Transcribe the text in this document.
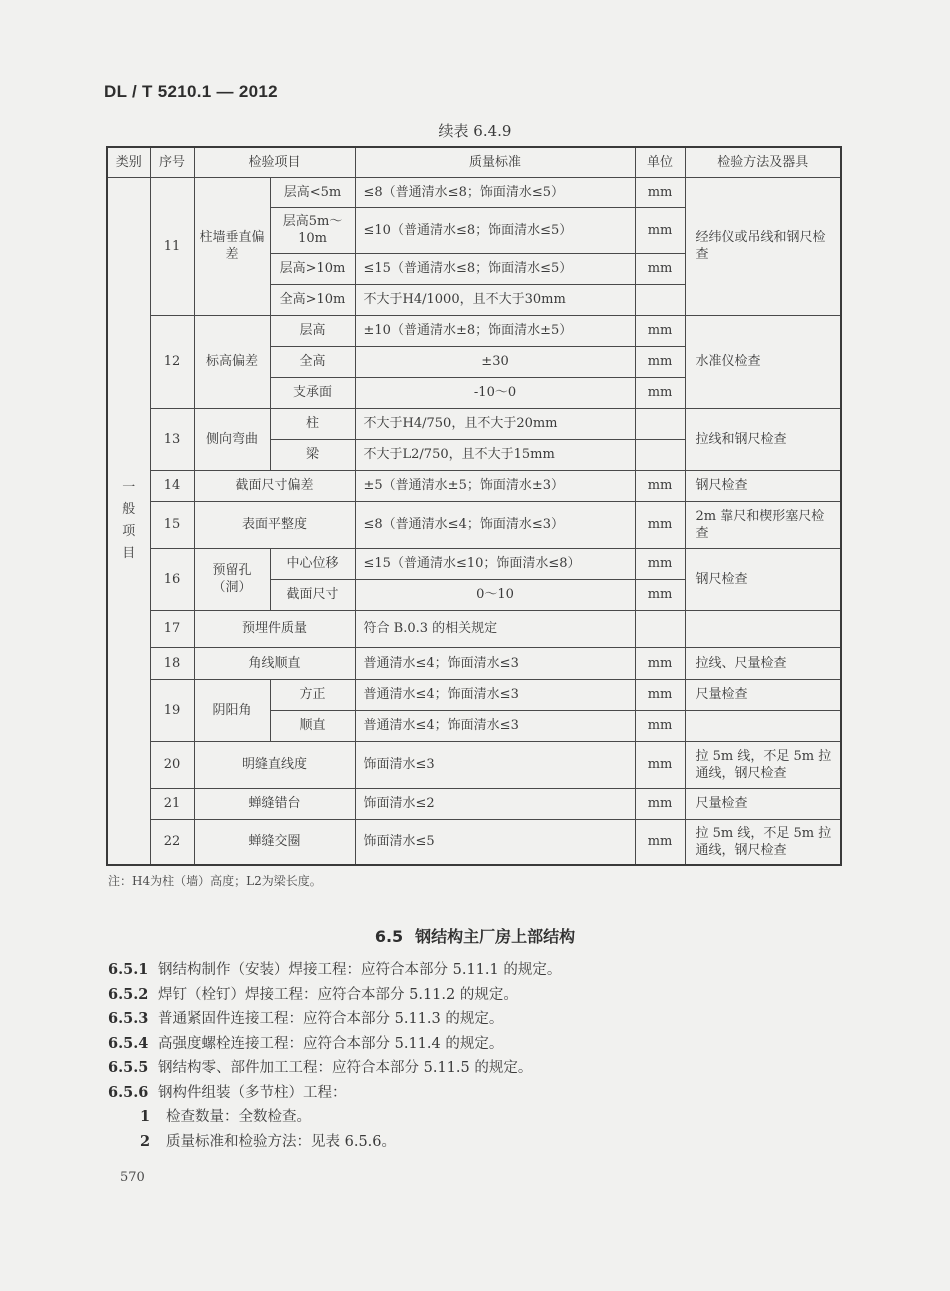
DL / T 5210.1 — 2012
续表 6.4.9
类别	序号	检验项目		质量标准	单位	检验方法及器具
一般项目	11	柱墙垂直偏差	层高<5m	≤8（普通清水≤8；饰面清水≤5）	mm	经纬仪或吊线和钢尺检查
			层高5m～10m	≤10（普通清水≤8；饰面清水≤5）	mm	
			层高>10m	≤15（普通清水≤8；饰面清水≤5）	mm	
			全高>10m	不大于H4/1000，且不大于30mm		
	12	标高偏差	层高	±10（普通清水±8；饰面清水±5）	mm	水准仪检查
			全高	±30	mm	
			支承面	-10～0	mm	
	13	侧向弯曲	柱	不大于H4/750，且不大于20mm		拉线和钢尺检查
			梁	不大于L2/750，且不大于15mm		
	14	截面尺寸偏差		±5（普通清水±5；饰面清水±3）	mm	钢尺检查
	15	表面平整度		≤8（普通清水≤4；饰面清水≤3）	mm	2m 靠尺和楔形塞尺检查
	16	预留孔（洞）	中心位移	≤15（普通清水≤10；饰面清水≤8）	mm	钢尺检查
			截面尺寸	0～10	mm	
	17	预埋件质量		符合 B.0.3 的相关规定		
	18	角线顺直		普通清水≤4；饰面清水≤3	mm	拉线、尺量检查
	19	阴阳角	方正	普通清水≤4；饰面清水≤3	mm	尺量检查
			顺直	普通清水≤4；饰面清水≤3	mm	
	20	明缝直线度		饰面清水≤3	mm	拉 5m 线，不足 5m 拉通线，钢尺检查
	21	蝉缝错台		饰面清水≤2	mm	尺量检查
	22	蝉缝交圈		饰面清水≤5	mm	拉 5m 线，不足 5m 拉通线，钢尺检查
注：H4为柱（墙）高度；L2为梁长度。
6.5 钢结构主厂房上部结构
6.5.1 钢结构制作（安装）焊接工程：应符合本部分 5.11.1 的规定。
6.5.2 焊钉（栓钉）焊接工程：应符合本部分 5.11.2 的规定。
6.5.3 普通紧固件连接工程：应符合本部分 5.11.3 的规定。
6.5.4 高强度螺栓连接工程：应符合本部分 5.11.4 的规定。
6.5.5 钢结构零、部件加工工程：应符合本部分 5.11.5 的规定。
6.5.6 钢构件组装（多节柱）工程：
1 检查数量：全数检查。
2 质量标准和检验方法：见表 6.5.6。
570
